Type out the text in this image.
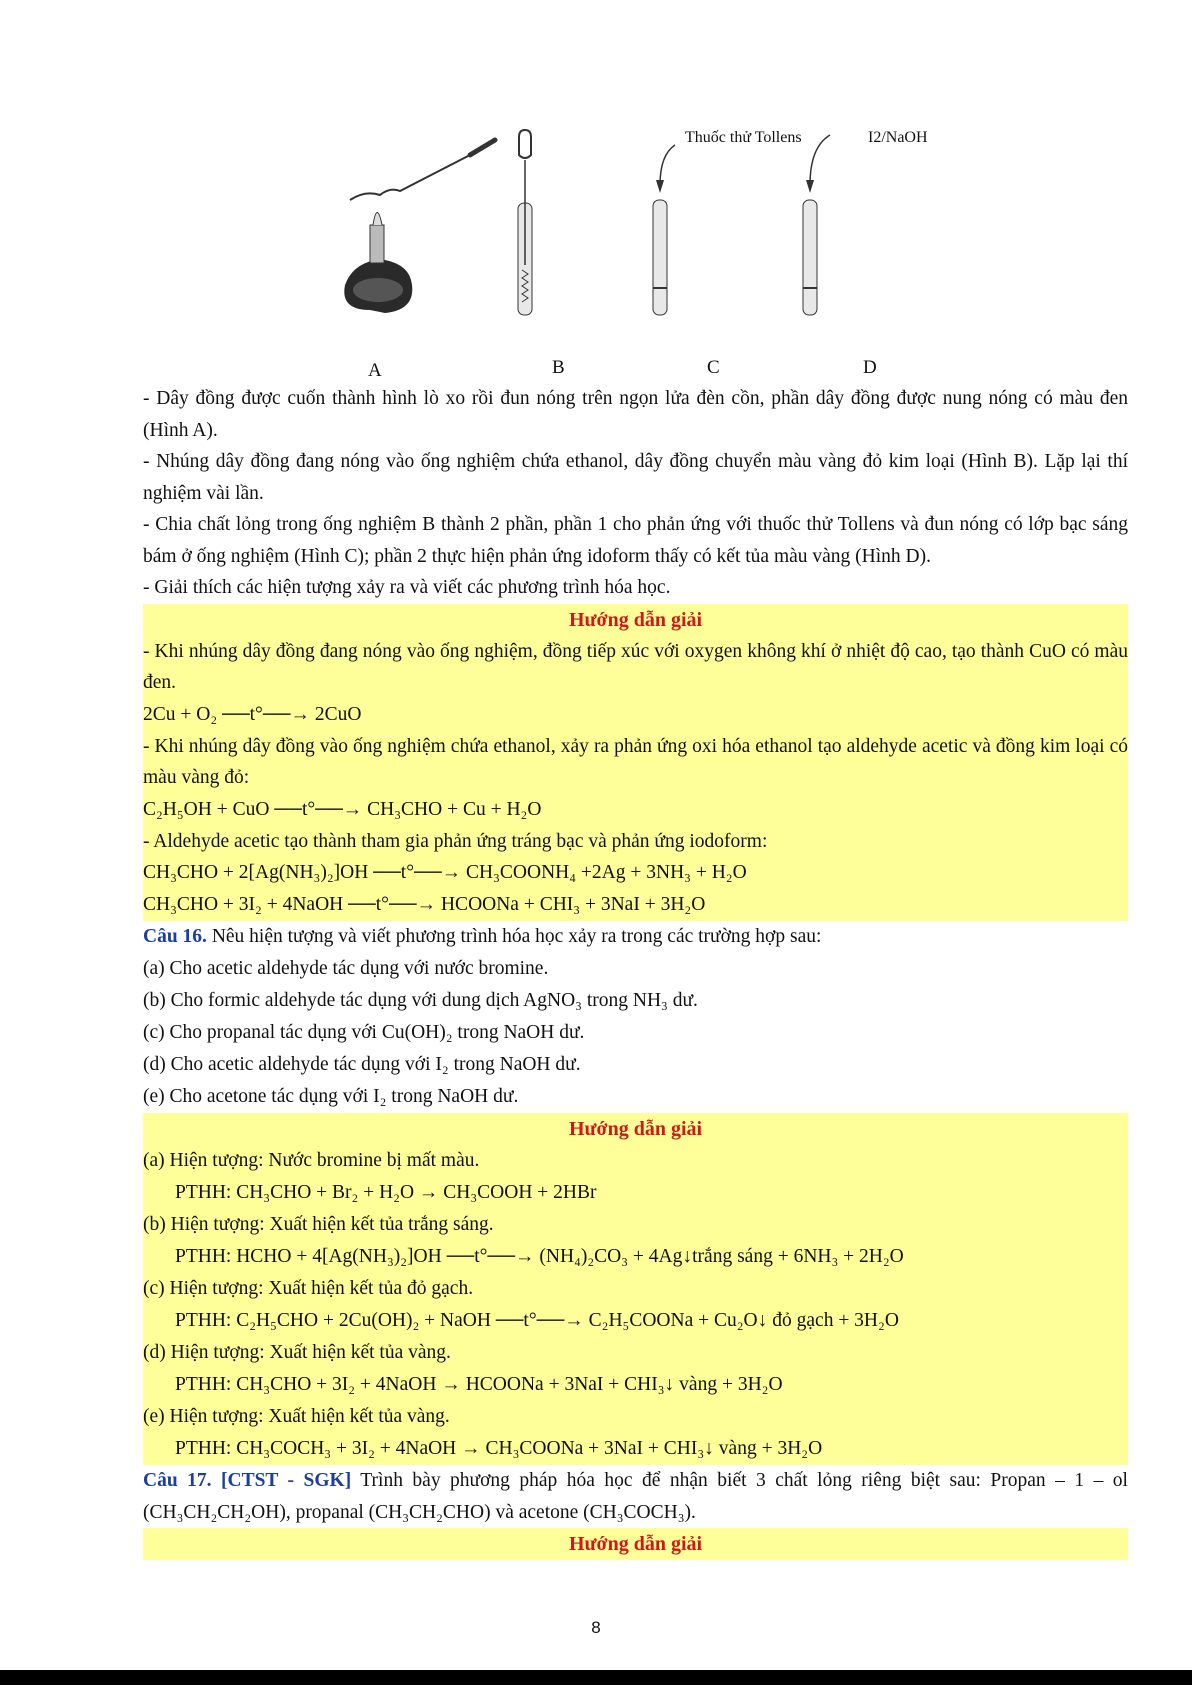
Thuốc thử Tollens	I2/NaOH
A	B	C	D

- Dây đồng được cuốn thành hình lò xo rồi đun nóng trên ngọn lửa đèn cồn, phần dây đồng được nung nóng có màu đen (Hình A).

- Nhúng dây đồng đang nóng vào ống nghiệm chứa ethanol, dây đồng chuyển màu vàng đỏ kim loại (Hình B). Lặp lại thí nghiệm vài lần.

- Chia chất lỏng trong ống nghiệm B thành 2 phần, phần 1 cho phản ứng với thuốc thử Tollens và đun nóng có lớp bạc sáng bám ở ống nghiệm (Hình C); phần 2 thực hiện phản ứng idoform thấy có kết tủa màu vàng (Hình D).

- Giải thích các hiện tượng xảy ra và viết các phương trình hóa học.

Hướng dẫn giải

- Khi nhúng dây đồng đang nóng vào ống nghiệm, đồng tiếp xúc với oxygen không khí ở nhiệt độ cao, tạo thành CuO có màu đen.

2Cu + O₂ ──t°──→ 2CuO

- Khi nhúng dây đồng vào ống nghiệm chứa ethanol, xảy ra phản ứng oxi hóa ethanol tạo aldehyde acetic và đồng kim loại có màu vàng đỏ:

C₂H₅OH + CuO ──t°──→ CH₃CHO + Cu + H₂O

- Aldehyde acetic tạo thành tham gia phản ứng tráng bạc và phản ứng iodoform:

CH₃CHO + 2[Ag(NH₃)₂]OH ──t°──→ CH₃COONH₄ +2Ag + 3NH₃ + H₂O

CH₃CHO + 3I₂ + 4NaOH ──t°──→ HCOONa + CHI₃ + 3NaI + 3H₂O

Câu 16. Nêu hiện tượng và viết phương trình hóa học xảy ra trong các trường hợp sau:

(a) Cho acetic aldehyde tác dụng với nước bromine.

(b) Cho formic aldehyde tác dụng với dung dịch AgNO₃ trong NH₃ dư.

(c) Cho propanal tác dụng với Cu(OH)₂ trong NaOH dư.

(d) Cho acetic aldehyde tác dụng với I₂ trong NaOH dư.

(e) Cho acetone tác dụng với I₂ trong NaOH dư.

Hướng dẫn giải

(a) Hiện tượng: Nước bromine bị mất màu.

PTHH: CH₃CHO + Br₂ + H₂O → CH₃COOH + 2HBr

(b) Hiện tượng: Xuất hiện kết tủa trắng sáng.

PTHH: HCHO + 4[Ag(NH₃)₂]OH ──t°──→ (NH₄)₂CO₃ + 4Ag↓trắng sáng + 6NH₃ + 2H₂O

(c) Hiện tượng: Xuất hiện kết tủa đỏ gạch.

PTHH: C₂H₅CHO + 2Cu(OH)₂ + NaOH ──t°──→ C₂H₅COONa + Cu₂O↓ đỏ gạch + 3H₂O

(d) Hiện tượng: Xuất hiện kết tủa vàng.

PTHH: CH₃CHO + 3I₂ + 4NaOH → HCOONa + 3NaI + CHI₃↓ vàng + 3H₂O

(e) Hiện tượng: Xuất hiện kết tủa vàng.

PTHH: CH₃COCH₃ + 3I₂ + 4NaOH → CH₃COONa + 3NaI + CHI₃↓ vàng + 3H₂O

Câu 17. [CTST - SGK] Trình bày phương pháp hóa học để nhận biết 3 chất lỏng riêng biệt sau: Propan – 1 – ol (CH₃CH₂CH₂OH), propanal (CH₃CH₂CHO) và acetone (CH₃COCH₃).

Hướng dẫn giải

8
